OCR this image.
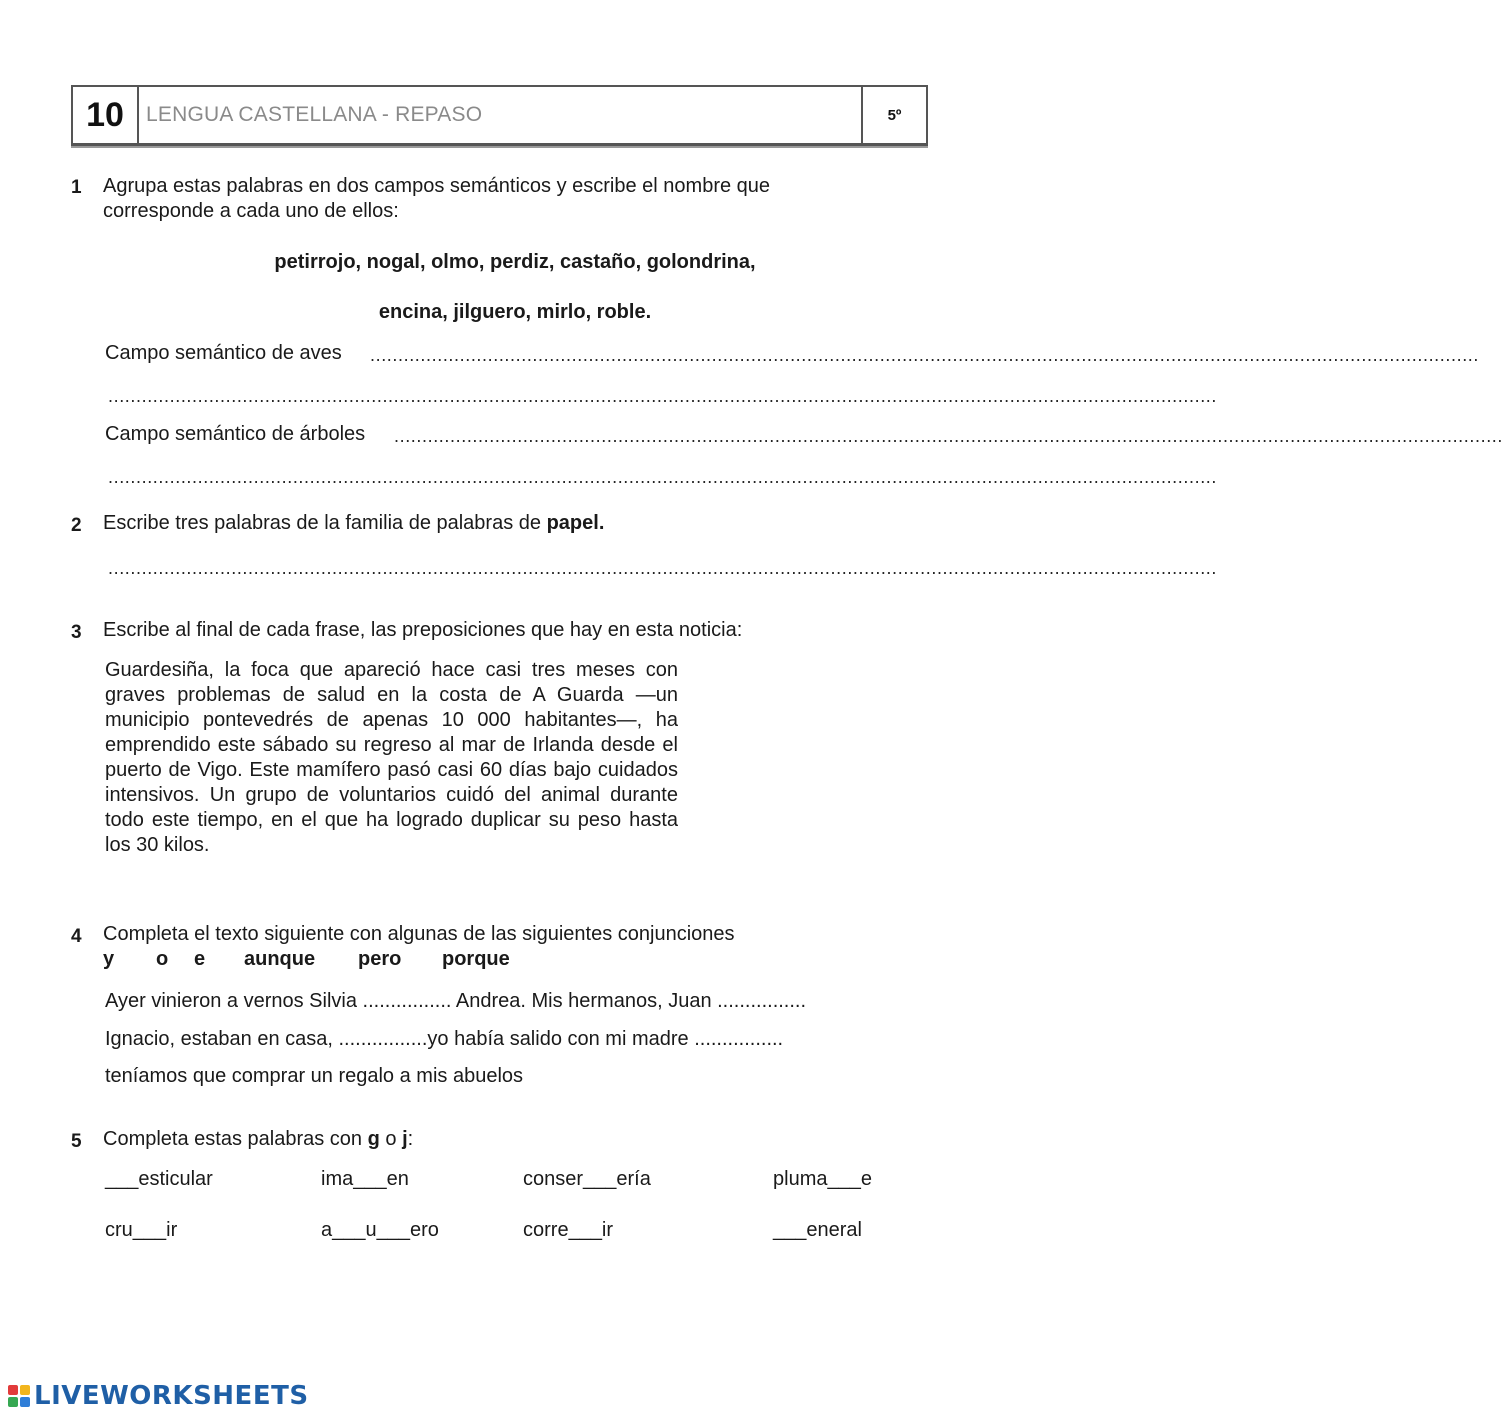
10	LENGUA CASTELLANA - REPASO	5º
1 Agrupa estas palabras en dos campos semánticos y escribe el nombre que
corresponde a cada uno de ellos:
petirrojo, nogal, olmo, perdiz, castaño, golondrina,
encina, jilguero, mirlo, roble.
Campo semántico de aves ......................................................................................................................................................................................................
......................................................................................................................................................................................................
Campo semántico de árboles ......................................................................................................................................................................................................
......................................................................................................................................................................................................
2 Escribe tres palabras de la familia de palabras de papel.
......................................................................................................................................................................................................
3 Escribe al final de cada frase, las preposiciones que hay en esta noticia:
Guardesiña, la foca que apareció hace casi tres meses con graves problemas de salud en la costa de A Guarda —un municipio pontevedrés de apenas 10 000 habitantes—, ha emprendido este sábado su regreso al mar de Irlanda desde el puerto de Vigo. Este mamífero pasó casi 60 días bajo cuidados intensivos. Un grupo de voluntarios cuidó del animal durante todo este tiempo, en el que ha logrado duplicar su peso hasta los 30 kilos.
4 Completa el texto siguiente con algunas de las siguientes conjunciones
y o e aunque pero porque
Ayer vinieron a vernos Silvia ................ Andrea. Mis hermanos, Juan ................
Ignacio, estaban en casa, ................yo había salido con mi madre ................
teníamos que comprar un regalo a mis abuelos
5 Completa estas palabras con g o j:
___esticular	ima___en	conser___ería	pluma___e
cru___ir	a___u___ero	corre___ir	___eneral
LIVEWORKSHEETS
